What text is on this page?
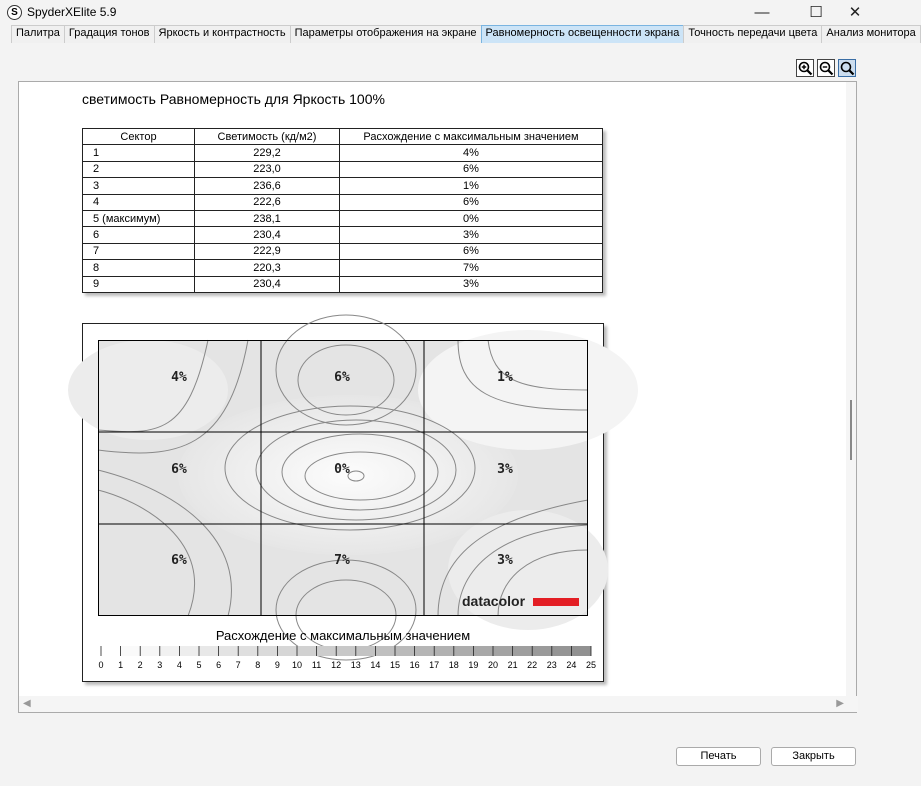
S SpyderXElite 5.9	—	☐	✕
Палитра Градация тонов Яркость и контрастность Параметры отображения на экране Равномерность освещенности экрана Точность передачи цвета Анализ монитора
светимость Равномерность для Яркость 100%
Сектор	Светимость (кд/м2)	Расхождение с максимальным значением
1	229,2	4%
2	223,0	6%
3	236,6	1%
4	222,6	6%
5 (максимум)	238,1	0%
6	230,4	3%
7	222,9	6%
8	220,3	7%
9	230,4	3%
4%	6%	1%
6%	0%	3%
6%	7%	3%
datacolor
Расхождение с максимальным значением
0	1	2	3	4	5	6	7	8	9	10	11	12	13	14	15	16	17	18	19	20	21	22	23	24	25
◀	▶
Печать	Закрыть
